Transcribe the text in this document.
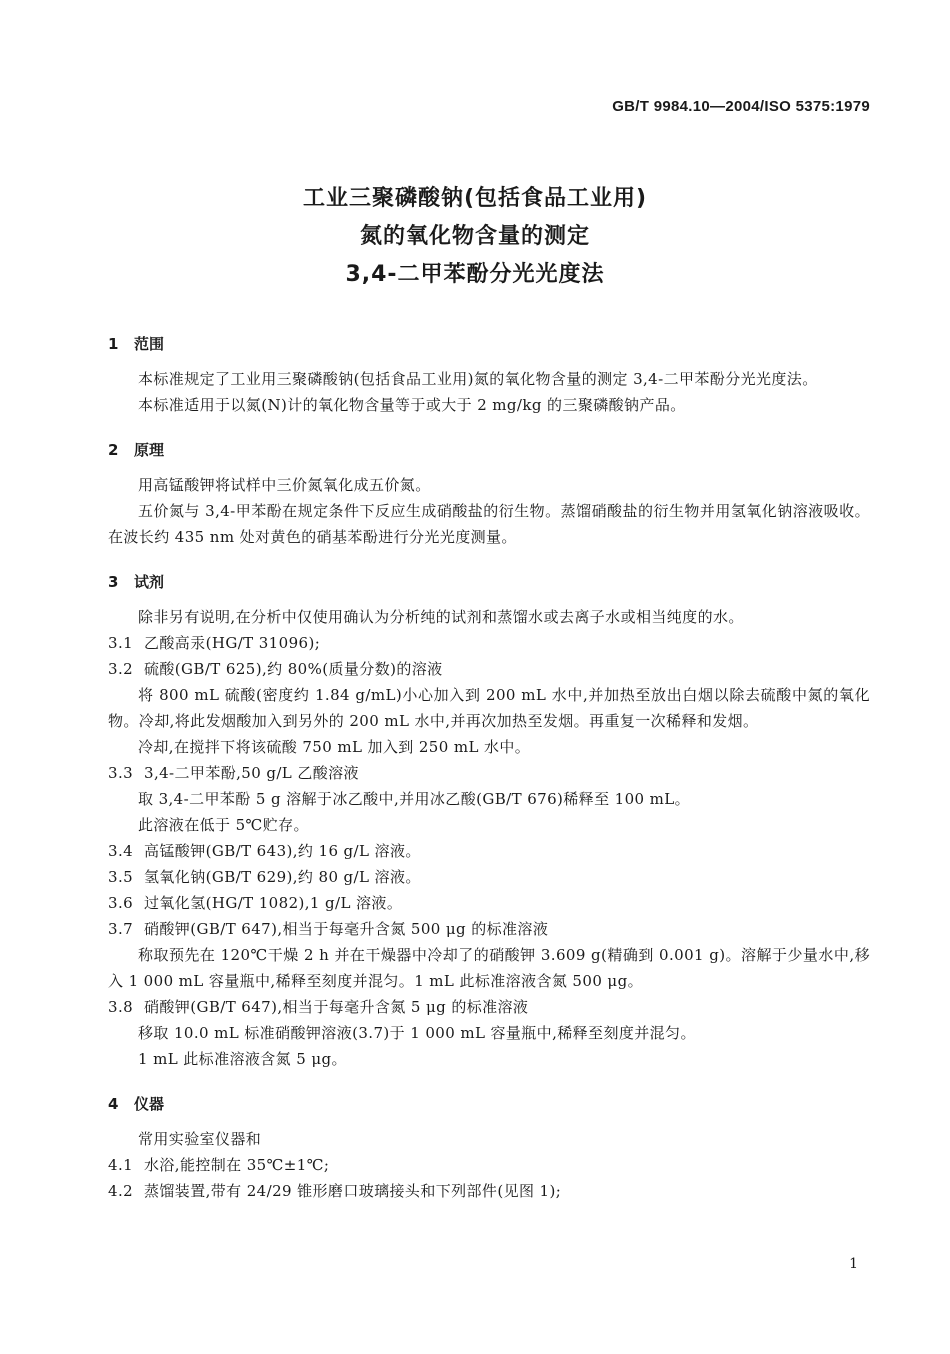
GB/T 9984.10—2004/ISO 5375:1979
工业三聚磷酸钠(包括食品工业用)
氮的氧化物含量的测定
3,4-二甲苯酚分光光度法
1 范围
本标准规定了工业用三聚磷酸钠(包括食品工业用)氮的氧化物含量的测定 3,4-二甲苯酚分光光度法。
本标准适用于以氮(N)计的氧化物含量等于或大于 2 mg/kg 的三聚磷酸钠产品。
2 原理
用高锰酸钾将试样中三价氮氧化成五价氮。
五价氮与 3,4-甲苯酚在规定条件下反应生成硝酸盐的衍生物。蒸馏硝酸盐的衍生物并用氢氧化钠溶液吸收。在波长约 435 nm 处对黄色的硝基苯酚进行分光光度测量。
3 试剂
除非另有说明,在分析中仅使用确认为分析纯的试剂和蒸馏水或去离子水或相当纯度的水。
3.1 乙酸高汞(HG/T 31096);
3.2 硫酸(GB/T 625),约 80%(质量分数)的溶液
将 800 mL 硫酸(密度约 1.84 g/mL)小心加入到 200 mL 水中,并加热至放出白烟以除去硫酸中氮的氧化物。冷却,将此发烟酸加入到另外的 200 mL 水中,并再次加热至发烟。再重复一次稀释和发烟。
冷却,在搅拌下将该硫酸 750 mL 加入到 250 mL 水中。
3.3 3,4-二甲苯酚,50 g/L 乙酸溶液
取 3,4-二甲苯酚 5 g 溶解于冰乙酸中,并用冰乙酸(GB/T 676)稀释至 100 mL。
此溶液在低于 5℃贮存。
3.4 高锰酸钾(GB/T 643),约 16 g/L 溶液。
3.5 氢氧化钠(GB/T 629),约 80 g/L 溶液。
3.6 过氧化氢(HG/T 1082),1 g/L 溶液。
3.7 硝酸钾(GB/T 647),相当于每毫升含氮 500 μg 的标准溶液
称取预先在 120℃干燥 2 h 并在干燥器中冷却了的硝酸钾 3.609 g(精确到 0.001 g)。溶解于少量水中,移入 1 000 mL 容量瓶中,稀释至刻度并混匀。1 mL 此标准溶液含氮 500 μg。
3.8 硝酸钾(GB/T 647),相当于每毫升含氮 5 μg 的标准溶液
移取 10.0 mL 标准硝酸钾溶液(3.7)于 1 000 mL 容量瓶中,稀释至刻度并混匀。
1 mL 此标准溶液含氮 5 μg。
4 仪器
常用实验室仪器和
4.1 水浴,能控制在 35℃±1℃;
4.2 蒸馏装置,带有 24/29 锥形磨口玻璃接头和下列部件(见图 1);
1
